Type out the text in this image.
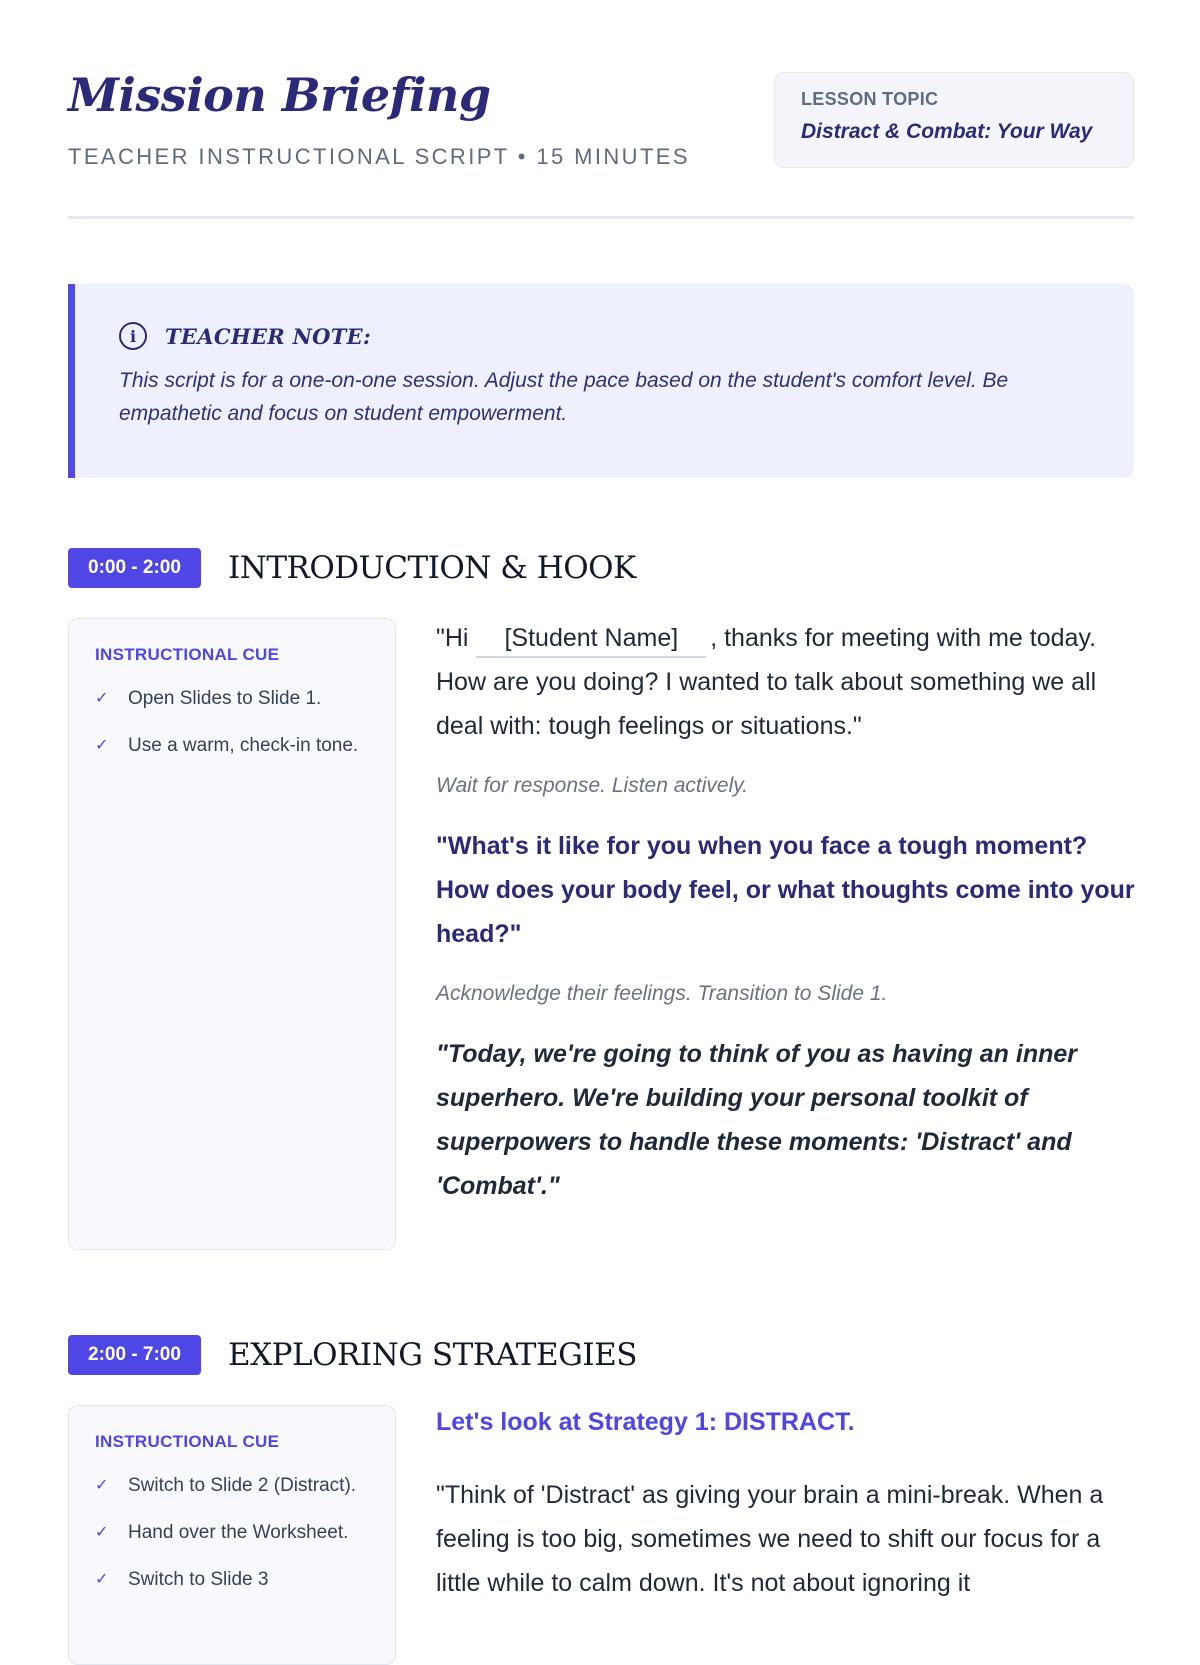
Mission Briefing
TEACHER INSTRUCTIONAL SCRIPT • 15 MINUTES
LESSON TOPIC
Distract & Combat: Your Way
i	TEACHER NOTE:
This script is for a one-on-one session. Adjust the pace based on the student's comfort level. Be empathetic and focus on student empowerment.
0:00 - 2:00	INTRODUCTION & HOOK
INSTRUCTIONAL CUE
✓	Open Slides to Slide 1.
✓	Use a warm, check-in tone.

"Hi [Student Name] , thanks for meeting with me today. How are you doing? I wanted to talk about something we all deal with: tough feelings or situations."

Wait for response. Listen actively.

"What's it like for you when you face a tough moment? How does your body feel, or what thoughts come into your head?"

Acknowledge their feelings. Transition to Slide 1.

"Today, we're going to think of you as having an inner superhero. We're building your personal toolkit of superpowers to handle these moments: 'Distract' and 'Combat'."

2:00 - 7:00	EXPLORING STRATEGIES
INSTRUCTIONAL CUE
✓	Switch to Slide 2 (Distract).
✓	Hand over the Worksheet.
✓	Switch to Slide 3

Let's look at Strategy 1: DISTRACT.

"Think of 'Distract' as giving your brain a mini-break. When a feeling is too big, sometimes we need to shift our focus for a little while to calm down. It's not about ignoring it
